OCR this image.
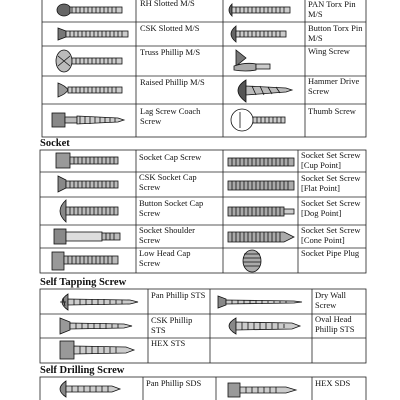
RH Slotted M/S
CSK Slotted M/S
Truss Phillip M/S
Raised Phillip M/S
Lag Screw Coach Screw
PAN Torx Pin M/S
Button Torx Pin M/S
Wing Screw
Hammer Drive Screw
Thumb Screw
Socket
Socket Cap Screw
CSK Socket Cap Screw
Button Socket Cap Screw
Socket Shoulder Screw
Low Head Cap Screw
Socket Set Screw [Cup Point]
Socket Set Screw [Flat Point]
Socket Set Screw [Dog Point]
Socket Set Screw [Cone Point]
Socket Pipe Plug
Self Tapping Screw
Pan Phillip STS
CSK Phillip STS
HEX STS
Dry Wall Screw
Oval Head Phillip STS
Self Drilling Screw
Pan Phillip SDS	HEX SDS
